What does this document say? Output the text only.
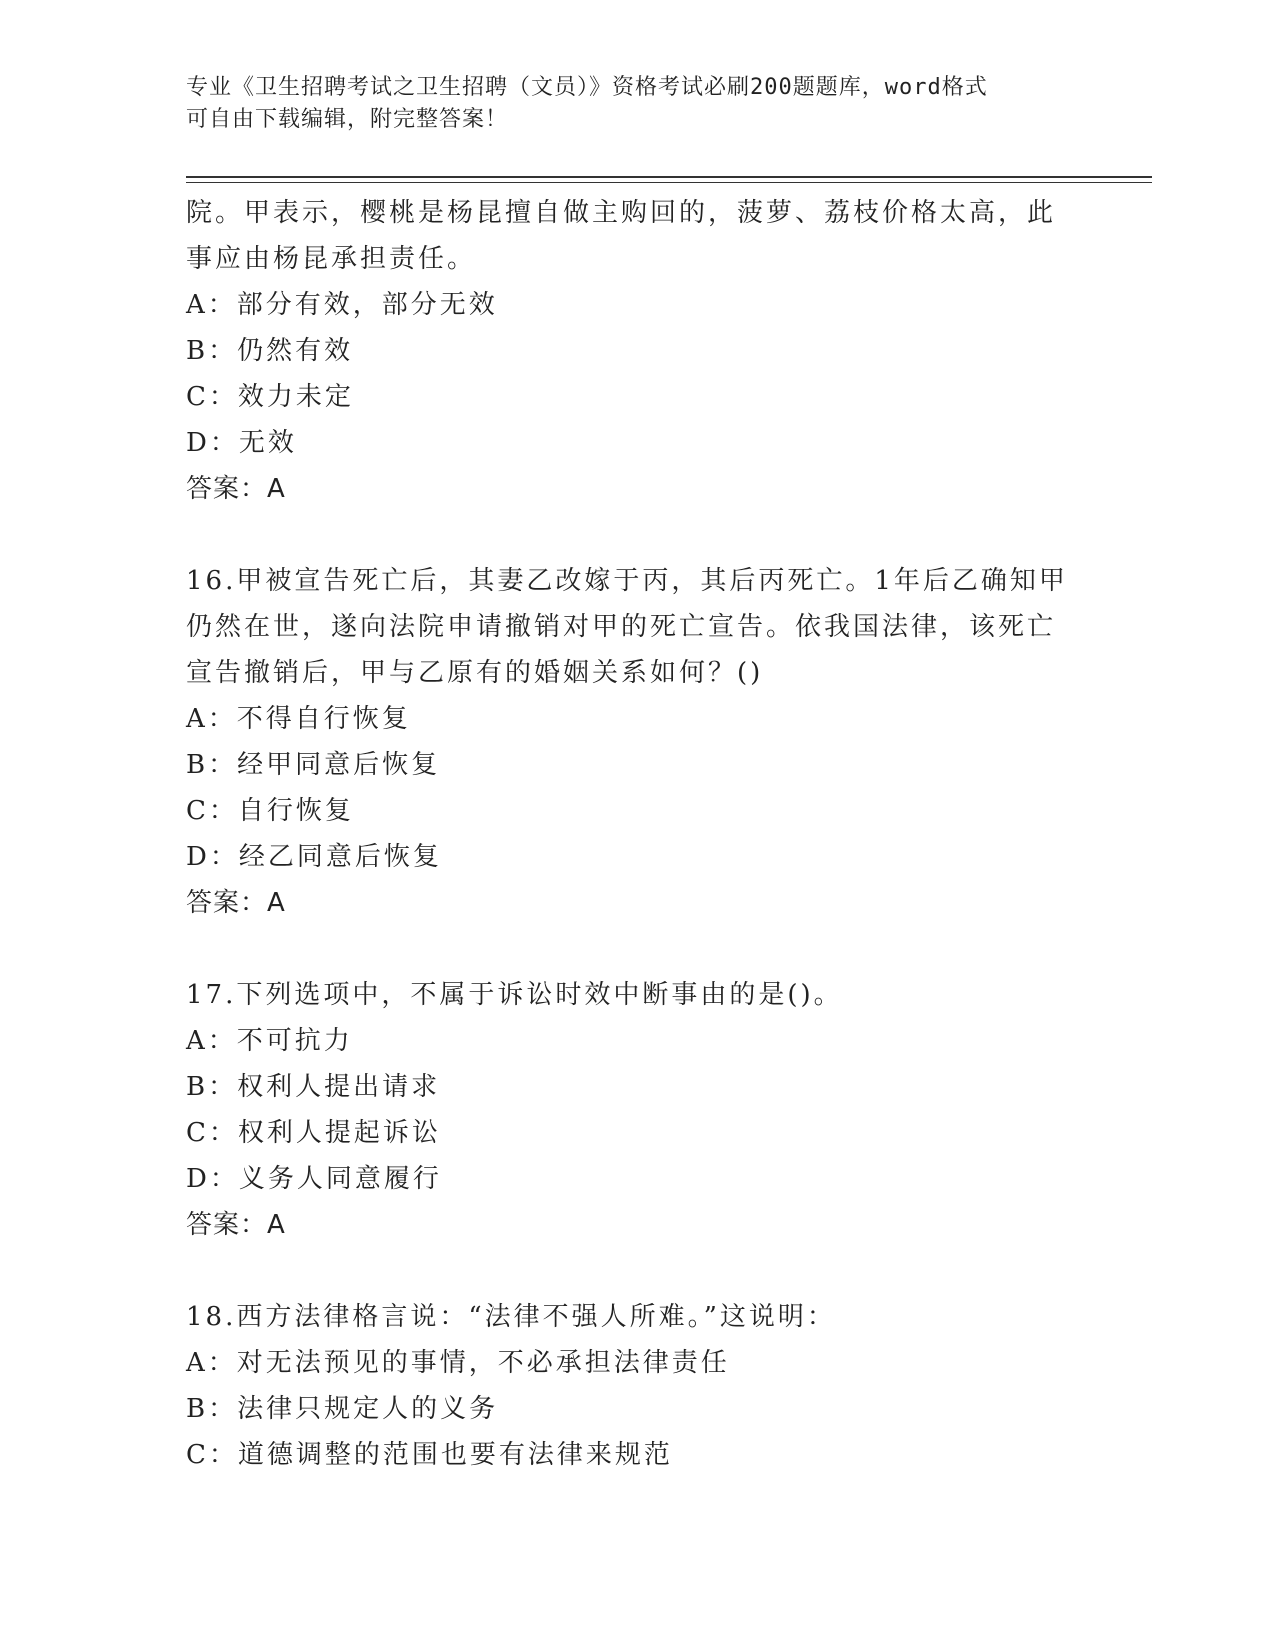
专业《卫生招聘考试之卫生招聘（文员）》资格考试必刷200题题库，word格式
可自由下载编辑，附完整答案！
院。甲表示，樱桃是杨昆擅自做主购回的，菠萝、荔枝价格太高，此
事应由杨昆承担责任。
A：部分有效，部分无效
B：仍然有效
C：效力未定
D：无效
答案：A
16.甲被宣告死亡后，其妻乙改嫁于丙，其后丙死亡。1年后乙确知甲
仍然在世，遂向法院申请撤销对甲的死亡宣告。依我国法律，该死亡
宣告撤销后，甲与乙原有的婚姻关系如何？()
A：不得自行恢复
B：经甲同意后恢复
C：自行恢复
D：经乙同意后恢复
答案：A
17.下列选项中，不属于诉讼时效中断事由的是()。
A：不可抗力
B：权利人提出请求
C：权利人提起诉讼
D：义务人同意履行
答案：A
18.西方法律格言说：“法律不强人所难。”这说明：
A：对无法预见的事情，不必承担法律责任
B：法律只规定人的义务
C：道德调整的范围也要有法律来规范
